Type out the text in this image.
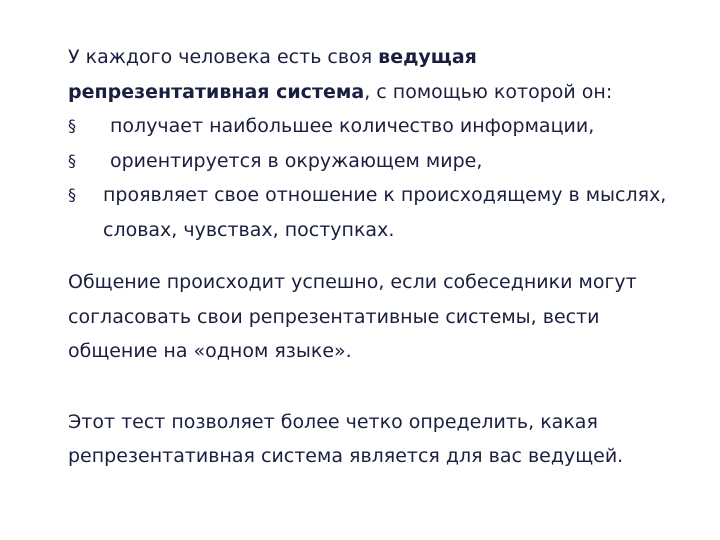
У каждого человека есть своя ведущая
репрезентативная система, с помощью которой он:

§ получает наибольшее количество информации,
§ ориентируется в окружающем мире,
§ проявляет свое отношение к происходящему в мыслях, словах, чувствах, поступках.

Общение происходит успешно, если собеседники могут согласовать свои репрезентативные системы, вести общение на «одном языке».

Этот тест позволяет более четко определить, какая репрезентативная система является для вас ведущей.
